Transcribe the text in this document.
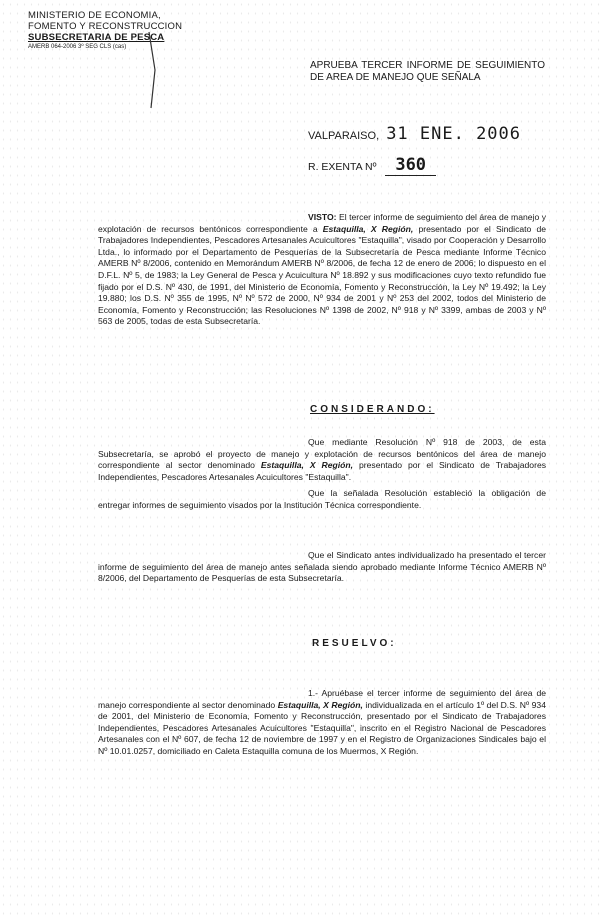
MINISTERIO DE ECONOMIA,
FOMENTO Y RECONSTRUCCION
SUBSECRETARIA DE PESCA
AMERB 064-2006 3º SEG CLS (cas)
APRUEBA TERCER INFORME DE SEGUIMIENTO DE AREA DE MANEJO QUE SEÑALA
VALPARAISO, 31 ENE. 2006
R. EXENTA Nº 360
VISTO: El tercer informe de seguimiento del área de manejo y explotación de recursos bentónicos correspondiente a Estaquilla, X Región, presentado por el Sindicato de Trabajadores Independientes, Pescadores Artesanales Acuicultores "Estaquilla", visado por Cooperación y Desarrollo Ltda., lo informado por el Departamento de Pesquerías de la Subsecretaría de Pesca mediante Informe Técnico AMERB Nº 8/2006, contenido en Memorándum AMERB Nº 8/2006, de fecha 12 de enero de 2006; lo dispuesto en el D.F.L. Nº 5, de 1983; la Ley General de Pesca y Acuicultura Nº 18.892 y sus modificaciones cuyo texto refundido fue fijado por el D.S. Nº 430, de 1991, del Ministerio de Economía, Fomento y Reconstrucción, la Ley Nº 19.492; la Ley 19.880; los D.S. Nº 355 de 1995, Nº Nº 572 de 2000, Nº 934 de 2001 y Nº 253 del 2002, todos del Ministerio de Economía, Fomento y Reconstrucción; las Resoluciones Nº 1398 de 2002, Nº 918 y Nº 3399, ambas de 2003 y Nº 563 de 2005, todas de esta Subsecretaría.
CONSIDERANDO:
Que mediante Resolución Nº 918 de 2003, de esta Subsecretaría, se aprobó el proyecto de manejo y explotación de recursos bentónicos del área de manejo correspondiente al sector denominado Estaquilla, X Región, presentado por el Sindicato de Trabajadores Independientes, Pescadores Artesanales Acuicultores "Estaquilla".
Que la señalada Resolución estableció la obligación de entregar informes de seguimiento visados por la Institución Técnica correspondiente.
Que el Sindicato antes individualizado ha presentado el tercer informe de seguimiento del área de manejo antes señalada siendo aprobado mediante Informe Técnico AMERB Nº 8/2006, del Departamento de Pesquerías de esta Subsecretaría.
RESUELVO:
1.- Apruébase el tercer informe de seguimiento del área de manejo correspondiente al sector denominado Estaquilla, X Región, individualizada en el artículo 1º del D.S. Nº 934 de 2001, del Ministerio de Economía, Fomento y Reconstrucción, presentado por el Sindicato de Trabajadores Independientes, Pescadores Artesanales Acuicultores "Estaquilla", inscrito en el Registro Nacional de Pescadores Artesanales con el Nº 607, de fecha 12 de noviembre de 1997 y en el Registro de Organizaciones Sindicales bajo el Nº 10.01.0257, domiciliado en Caleta Estaquilla comuna de los Muermos, X Región.
